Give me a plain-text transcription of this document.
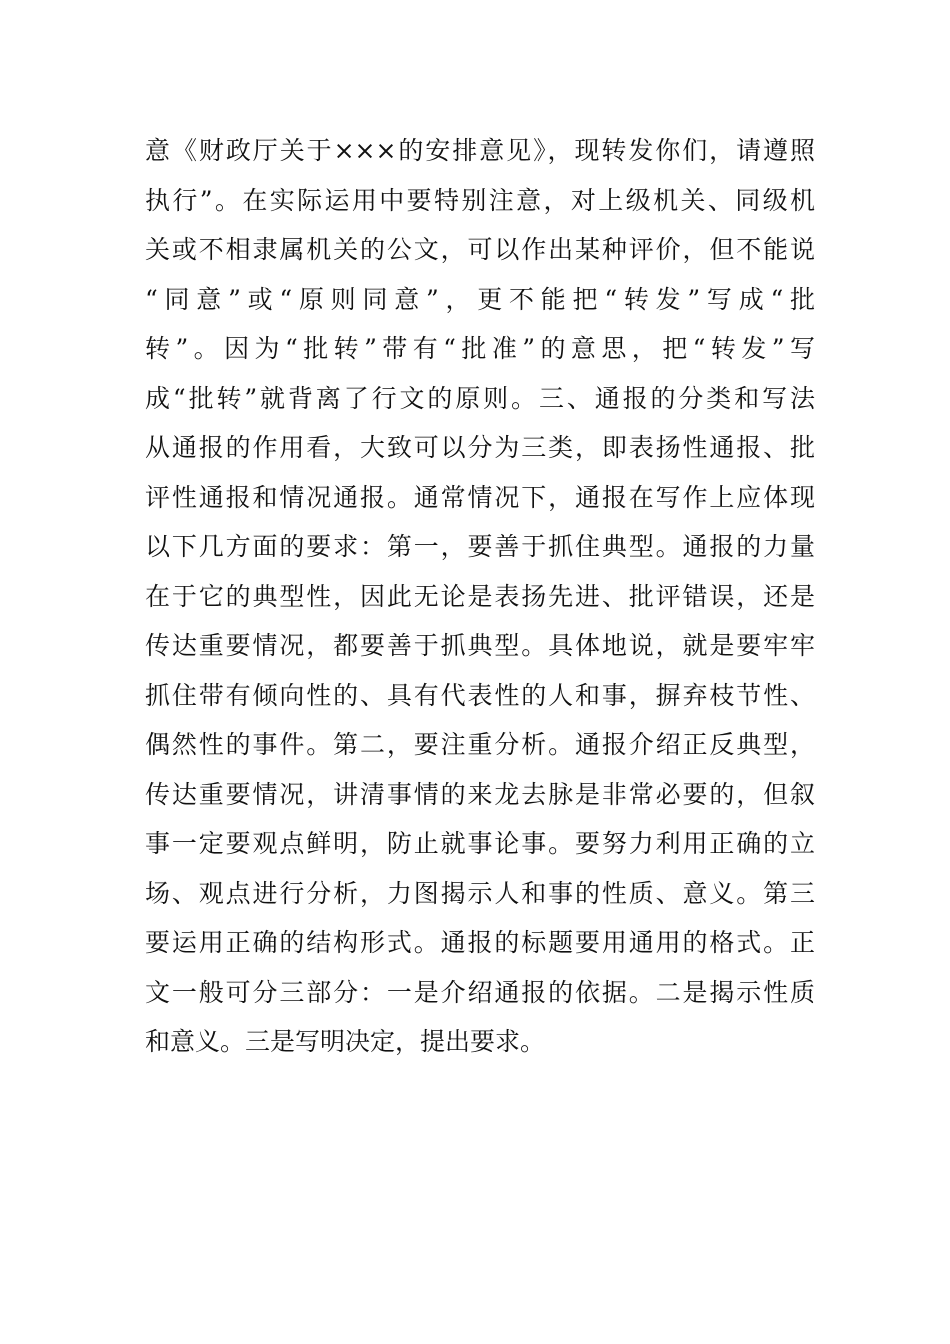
意《财政厅关于×××的安排意见》，现转发你们，请遵照
执行”。在实际运用中要特别注意，对上级机关、同级机
关或不相隶属机关的公文，可以作出某种评价，但不能说
“同意”或“原则同意”，更不能把“转发”写成“批
转”。因为“批转”带有“批准”的意思，把“转发”写
成“批转”就背离了行文的原则。三、通报的分类和写法
从通报的作用看，大致可以分为三类，即表扬性通报、批
评性通报和情况通报。通常情况下，通报在写作上应体现
以下几方面的要求：第一，要善于抓住典型。通报的力量
在于它的典型性，因此无论是表扬先进、批评错误，还是
传达重要情况，都要善于抓典型。具体地说，就是要牢牢
抓住带有倾向性的、具有代表性的人和事，摒弃枝节性、
偶然性的事件。第二，要注重分析。通报介绍正反典型，
传达重要情况，讲清事情的来龙去脉是非常必要的，但叙
事一定要观点鲜明，防止就事论事。要努力利用正确的立
场、观点进行分析，力图揭示人和事的性质、意义。第三
要运用正确的结构形式。通报的标题要用通用的格式。正
文一般可分三部分：一是介绍通报的依据。二是揭示性质
和意义。三是写明决定，提出要求。
